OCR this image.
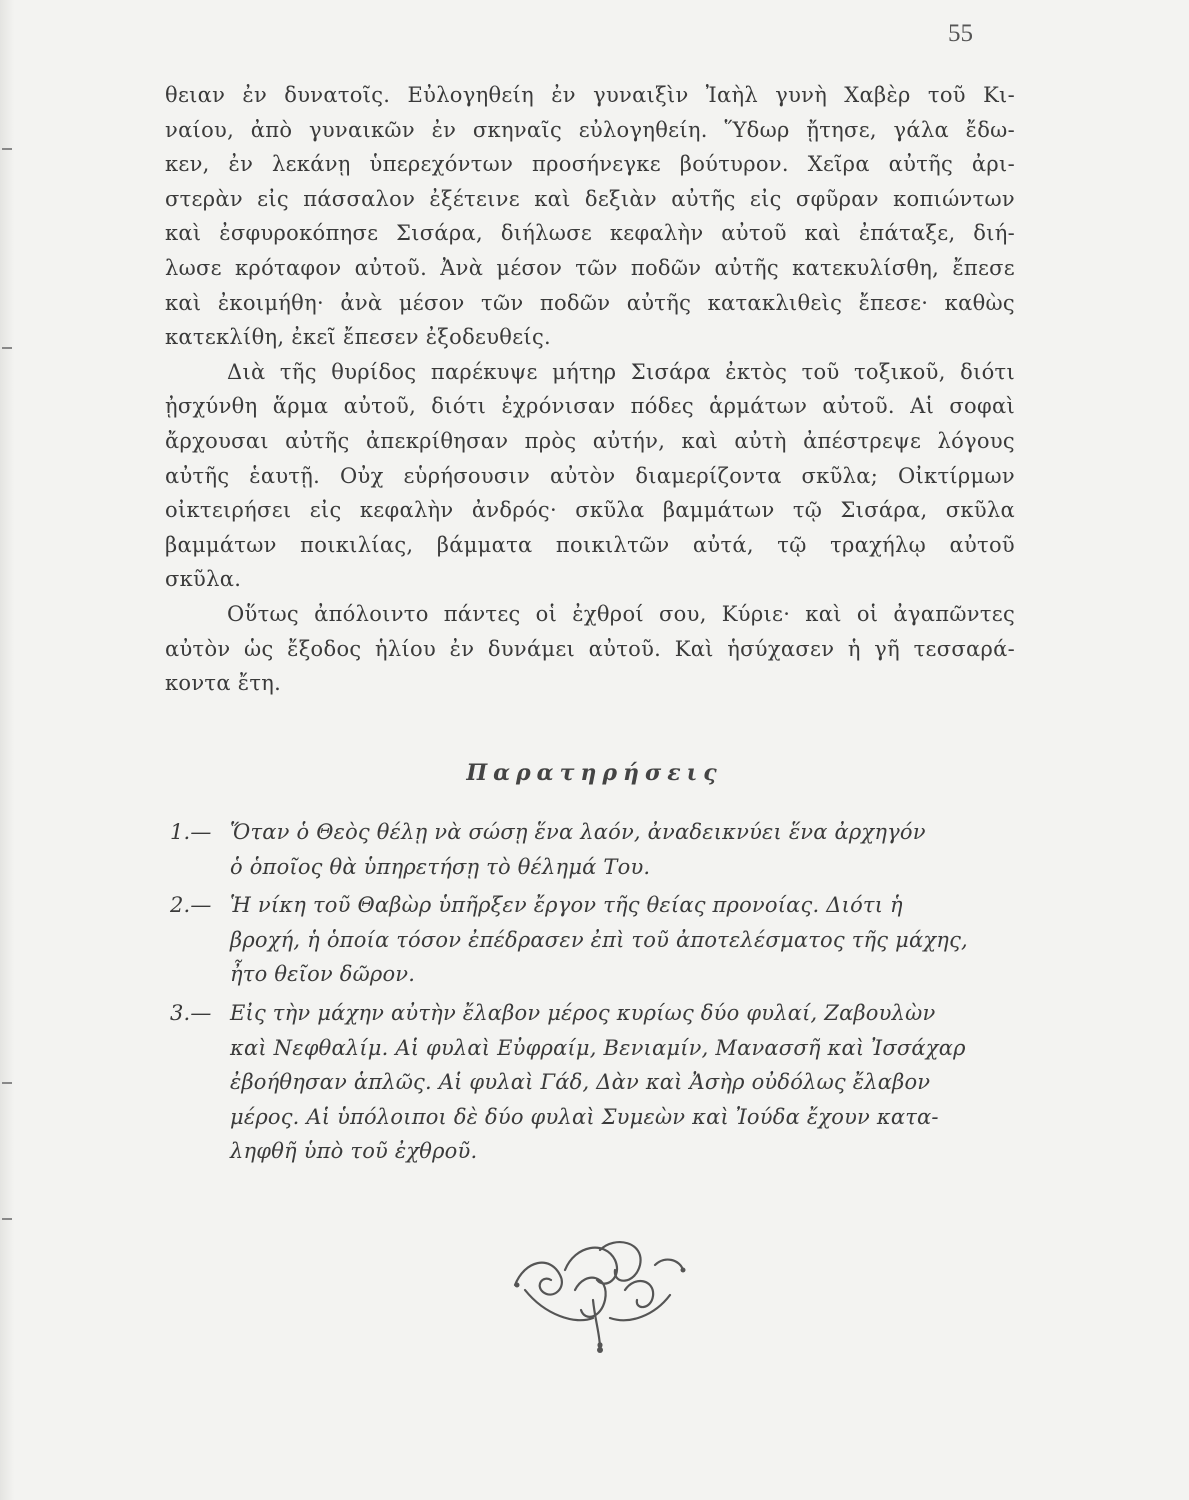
55
θειαν ἐν δυνατοῖς. Εὐλογηθείη ἐν γυναιξὶν Ἰαὴλ γυνὴ Χαβὲρ τοῦ Κι-
ναίου, ἀπὸ γυναικῶν ἐν σκηναῖς εὐλογηθείη. Ὕδωρ ᾔτησε, γάλα ἔδω-
κεν, ἐν λεκάνῃ ὑπερεχόντων προσήνεγκε βούτυρον. Χεῖρα αὐτῆς ἀρι-
στερὰν εἰς πάσσαλον ἐξέτεινε καὶ δεξιὰν αὐτῆς εἰς σφῦραν κοπιώντων
καὶ ἐσφυροκόπησε Σισάρα, διήλωσε κεφαλὴν αὐτοῦ καὶ ἐπάταξε, διή-
λωσε κρόταφον αὐτοῦ. Ἀνὰ μέσον τῶν ποδῶν αὐτῆς κατεκυλίσθη, ἔπεσε
καὶ ἐκοιμήθη· ἀνὰ μέσον τῶν ποδῶν αὐτῆς κατακλιθεὶς ἔπεσε· καθὼς
κατεκλίθη, ἐκεῖ ἔπεσεν ἐξοδευθείς.
Διὰ τῆς θυρίδος παρέκυψε μήτηρ Σισάρα ἐκτὸς τοῦ τοξικοῦ, διότι
ᾐσχύνθη ἅρμα αὐτοῦ, διότι ἐχρόνισαν πόδες ἁρμάτων αὐτοῦ. Αἱ σοφαὶ
ἄρχουσαι αὐτῆς ἀπεκρίθησαν πρὸς αὐτήν, καὶ αὐτὴ ἀπέστρεψε λόγους
αὐτῆς ἑαυτῇ. Οὐχ εὑρήσουσιν αὐτὸν διαμερίζοντα σκῦλα; Οἰκτίρμων
οἰκτειρήσει εἰς κεφαλὴν ἀνδρός· σκῦλα βαμμάτων τῷ Σισάρα, σκῦλα
βαμμάτων ποικιλίας, βάμματα ποικιλτῶν αὐτά, τῷ τραχήλῳ αὐτοῦ
σκῦλα.
Οὕτως ἀπόλοιντο πάντες οἱ ἐχθροί σου, Κύριε· καὶ οἱ ἀγαπῶντες
αὐτὸν ὡς ἔξοδος ἡλίου ἐν δυνάμει αὐτοῦ. Καὶ ἡσύχασεν ἡ γῆ τεσσαρά-
κοντα ἔτη.
Παρατηρήσεις
1.— Ὅταν ὁ Θεὸς θέλῃ νὰ σώσῃ ἕνα λαόν, ἀναδεικνύει ἕνα ἀρχηγόν
ὁ ὁποῖος θὰ ὑπηρετήσῃ τὸ θέλημά Του.
2.— Ἡ νίκη τοῦ Θαβὼρ ὑπῆρξεν ἔργον τῆς θείας προνοίας. Διότι ἡ
βροχή, ἡ ὁποία τόσον ἐπέδρασεν ἐπὶ τοῦ ἀποτελέσματος τῆς μάχης,
ἦτο θεῖον δῶρον.
3.— Εἰς τὴν μάχην αὐτὴν ἔλαβον μέρος κυρίως δύο φυλαί, Ζαβουλὼν
καὶ Νεφθαλίμ. Αἱ φυλαὶ Εὐφραίμ, Βενιαμίν, Μανασσῆ καὶ Ἰσσάχαρ
ἐβοήθησαν ἁπλῶς. Αἱ φυλαὶ Γάδ, Δὰν καὶ Ἀσὴρ οὐδόλως ἔλαβον
μέρος. Αἱ ὑπόλοιποι δὲ δύο φυλαὶ Συμεὼν καὶ Ἰούδα ἔχουν κατα-
ληφθῆ ὑπὸ τοῦ ἐχθροῦ.
